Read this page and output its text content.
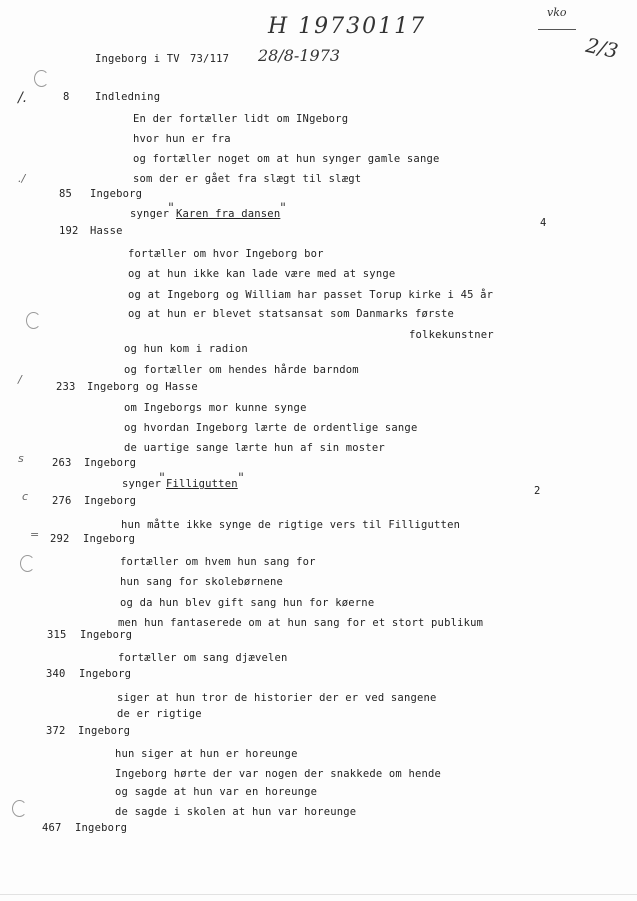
H 19730117
vko
2/3
Ingeborg i TV 73/117 28/8-1973
/.
./
/
s
c
=
4
2
8 Indledning
En der fortæller lidt om INgeborg
hvor hun er fra
og fortæller noget om at hun synger gamle sange
som der er gået fra slægt til slægt
85 Ingeborg
synger
" Karen fra dansen "
192 Hasse
fortæller om hvor Ingeborg bor
og at hun ikke kan lade være med at synge
og at Ingeborg og William har passet Torup kirke i 45 år
og at hun er blevet statsansat som Danmarks første
folkekunstner
og hun kom i radion
og fortæller om hendes hårde barndom
233 Ingeborg og Hasse
om Ingeborgs mor kunne synge
og hvordan Ingeborg lærte de ordentlige sange
de uartige sange lærte hun af sin moster
263 Ingeborg
synger
" Filligutten "
276 Ingeborg
hun måtte ikke synge de rigtige vers til Filligutten
292 Ingeborg
fortæller om hvem hun sang for
hun sang for skolebørnene
og da hun blev gift sang hun for køerne
men hun fantaserede om at hun sang for et stort publikum
315 Ingeborg
fortæller om sang djævelen
340 Ingeborg
siger at hun tror de historier der er ved sangene
de er rigtige
372 Ingeborg
hun siger at hun er horeunge
Ingeborg hørte der var nogen der snakkede om hende
og sagde at hun var en horeunge
de sagde i skolen at hun var horeunge
467 Ingeborg
